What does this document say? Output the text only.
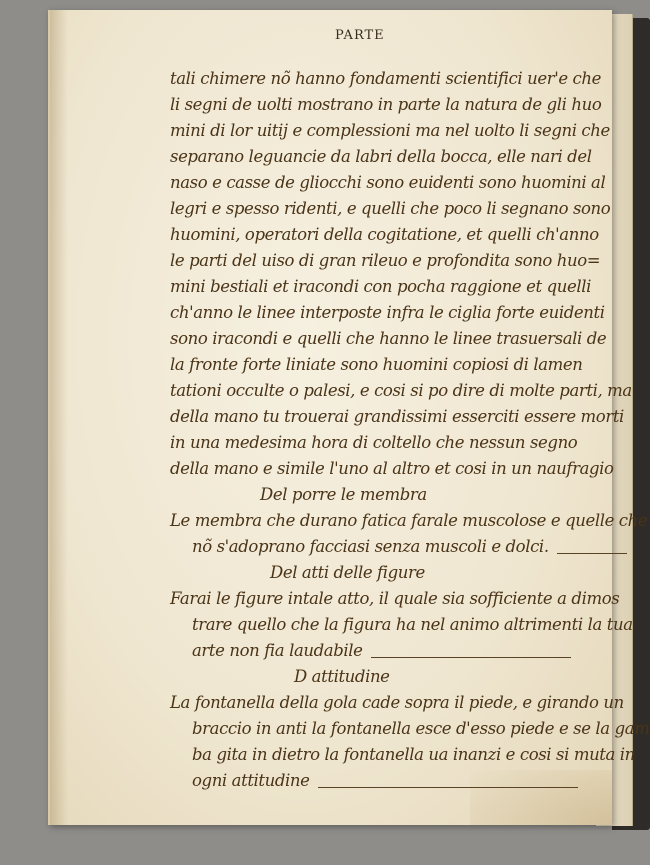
PARTE
tali chimere nõ hanno fondamenti scientifici uer'e che
li segni de uolti mostrano in parte la natura de gli huo
mini di lor uitij e complessioni ma nel uolto li segni che
separano leguancie da labri della bocca, elle nari del
naso e casse de gliocchi sono euidenti sono huomini al
legri e spesso ridenti, e quelli che poco li segnano sono
huomini, operatori della cogitatione, et quelli ch'anno
le parti del uiso di gran rileuo e profondita sono huo=
mini bestiali et iracondi con pocha raggione et quelli
ch'anno le linee interposte infra le ciglia forte euidenti
sono iracondi e quelli che hanno le linee trasuersali de
la fronte forte liniate sono huomini copiosi di lamen
tationi occulte o palesi, e cosi si po dire di molte parti, ma
della mano tu trouerai grandissimi esserciti essere morti
in una medesima hora di coltello che nessun segno
della mano e simile l'uno al altro et cosi in un naufragio
Del porre le membra
Le membra che durano fatica farale muscolose e quelle che
nõ s'adoprano facciasi senza muscoli e dolci.
Del atti delle figure
Farai le figure intale atto, il quale sia sofficiente a dimos
trare quello che la figura ha nel animo altrimenti la tua
arte non fia laudabile
D attitudine
La fontanella della gola cade sopra il piede, e girando un
braccio in anti la fontanella esce d'esso piede e se la gam
ba gita in dietro la fontanella ua inanzi e cosi si muta in
ogni attitudine
